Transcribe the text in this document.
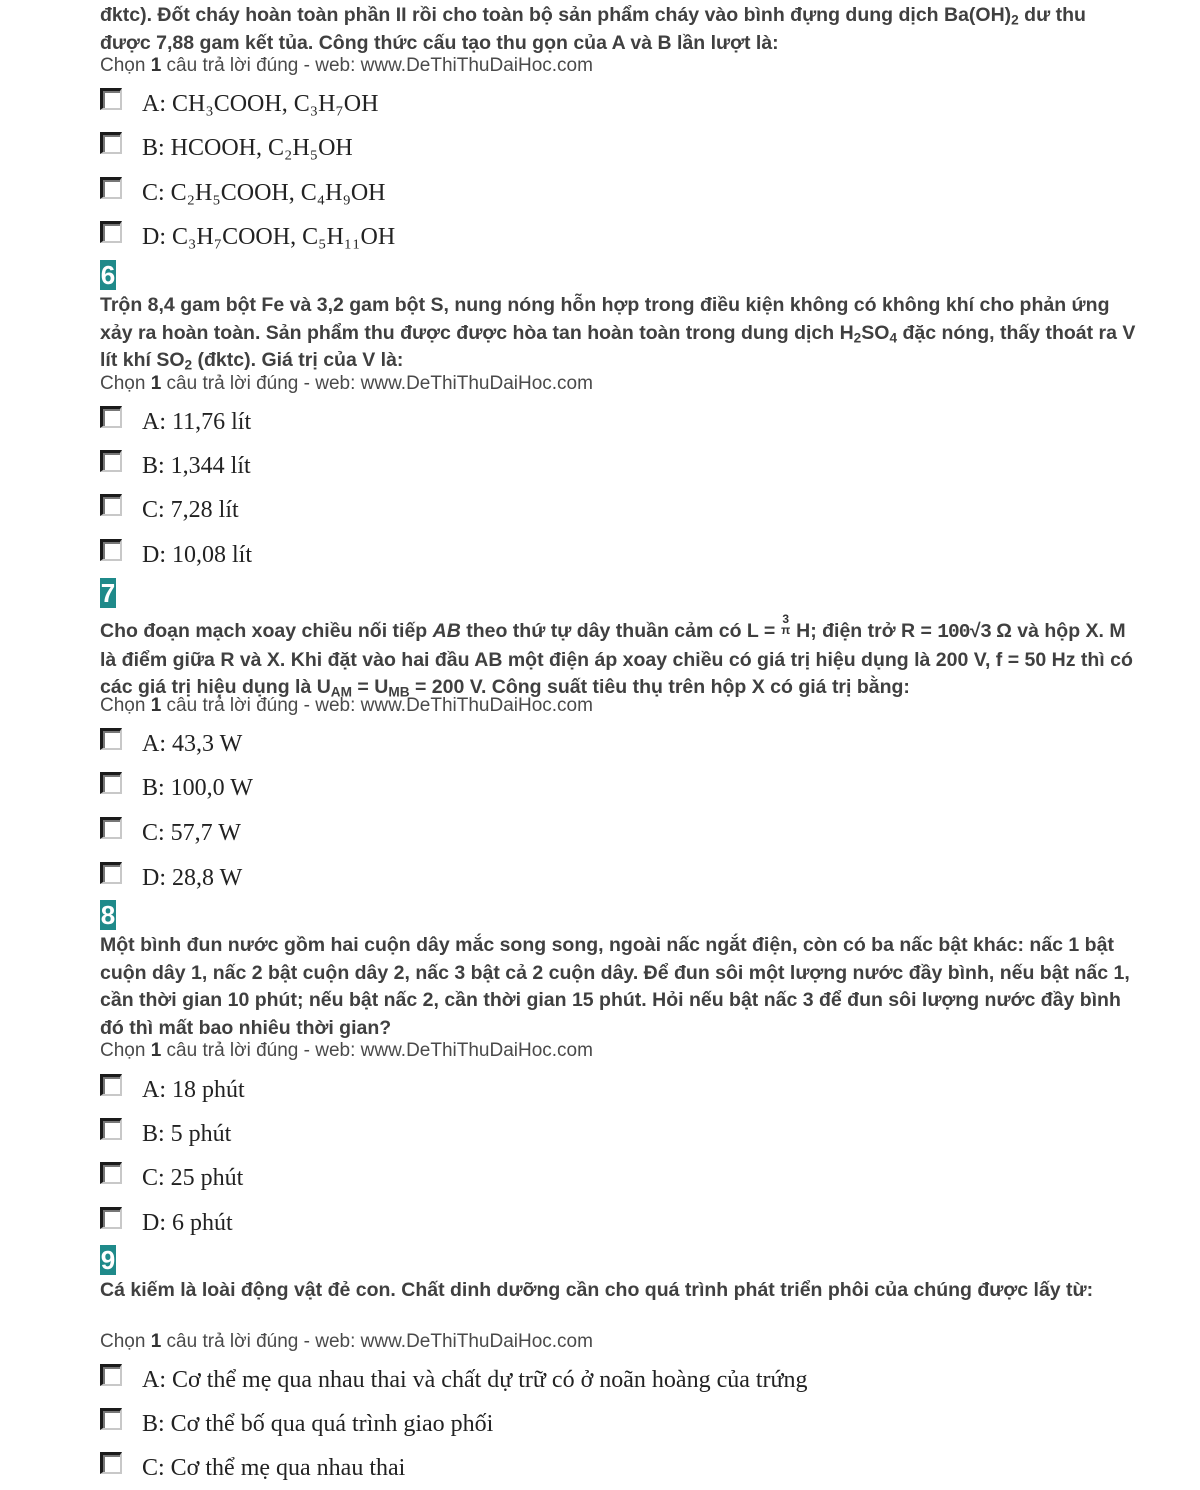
đktc). Đốt cháy hoàn toàn phần II rồi cho toàn bộ sản phẩm cháy vào bình đựng dung dịch $Ba(OH)_2$ dư thu
được 7,88 gam kết tủa. Công thức cấu tạo thu gọn của A và B lần lượt là:
Chọn 1 câu trả lời đúng - web: www.DeThiThuDaiHoc.com
A: CH₃COOH, C₃H₇OH
B: HCOOH, C₂H₅OH
C: C₂H₅COOH, C₄H₉OH
D: C₃H₇COOH, C₅H₁₁OH
6
Trộn 8,4 gam bột Fe và 3,2 gam bột S, nung nóng hỗn hợp trong điều kiện không có không khí cho phản ứng xảy ra hoàn toàn. Sản phẩm thu được được hòa tan hoàn toàn trong dung dịch $H_2SO_4$ đặc nóng, thấy thoát ra V lít khí $SO_2$ (đktc). Giá trị của V là:
Chọn 1 câu trả lời đúng - web: www.DeThiThuDaiHoc.com
A: 11,76 lít
B: 1,344 lít
C: 7,28 lít
D: 10,08 lít
7
Cho đoạn mạch xoay chiều nối tiếp AB theo thứ tự dây thuần cảm có L = 3
π H; điện trở R = 100√3 Ω và hộp X. M là điểm giữa R và X. Khi đặt vào hai đầu AB một điện áp xoay chiều có giá trị hiệu dụng là 200 V, f = 50 Hz thì có các giá trị hiệu dụng là $U_{AM} = U_{MB} = 200$ V. Công suất tiêu thụ trên hộp X có giá trị bằng:
Chọn 1 câu trả lời đúng - web: www.DeThiThuDaiHoc.com
A: 43,3 W
B: 100,0 W
C: 57,7 W
D: 28,8 W
8
Một bình đun nước gồm hai cuộn dây mắc song song, ngoài nấc ngắt điện, còn có ba nấc bật khác: nấc 1 bật cuộn dây 1, nấc 2 bật cuộn dây 2, nấc 3 bật cả 2 cuộn dây. Để đun sôi một lượng nước đầy bình, nếu bật nấc 1, cần thời gian 10 phút; nếu bật nấc 2, cần thời gian 15 phút. Hỏi nếu bật nấc 3 để đun sôi lượng nước đầy bình đó thì mất bao nhiêu thời gian?
Chọn 1 câu trả lời đúng - web: www.DeThiThuDaiHoc.com
A: 18 phút
B: 5 phút
C: 25 phút
D: 6 phút
9
Cá kiếm là loài động vật đẻ con. Chất dinh dưỡng cần cho quá trình phát triển phôi của chúng được lấy từ:
Chọn 1 câu trả lời đúng - web: www.DeThiThuDaiHoc.com
A: Cơ thể mẹ qua nhau thai và chất dự trữ có ở noãn hoàng của trứng
B: Cơ thể bố qua quá trình giao phối
C: Cơ thể mẹ qua nhau thai
